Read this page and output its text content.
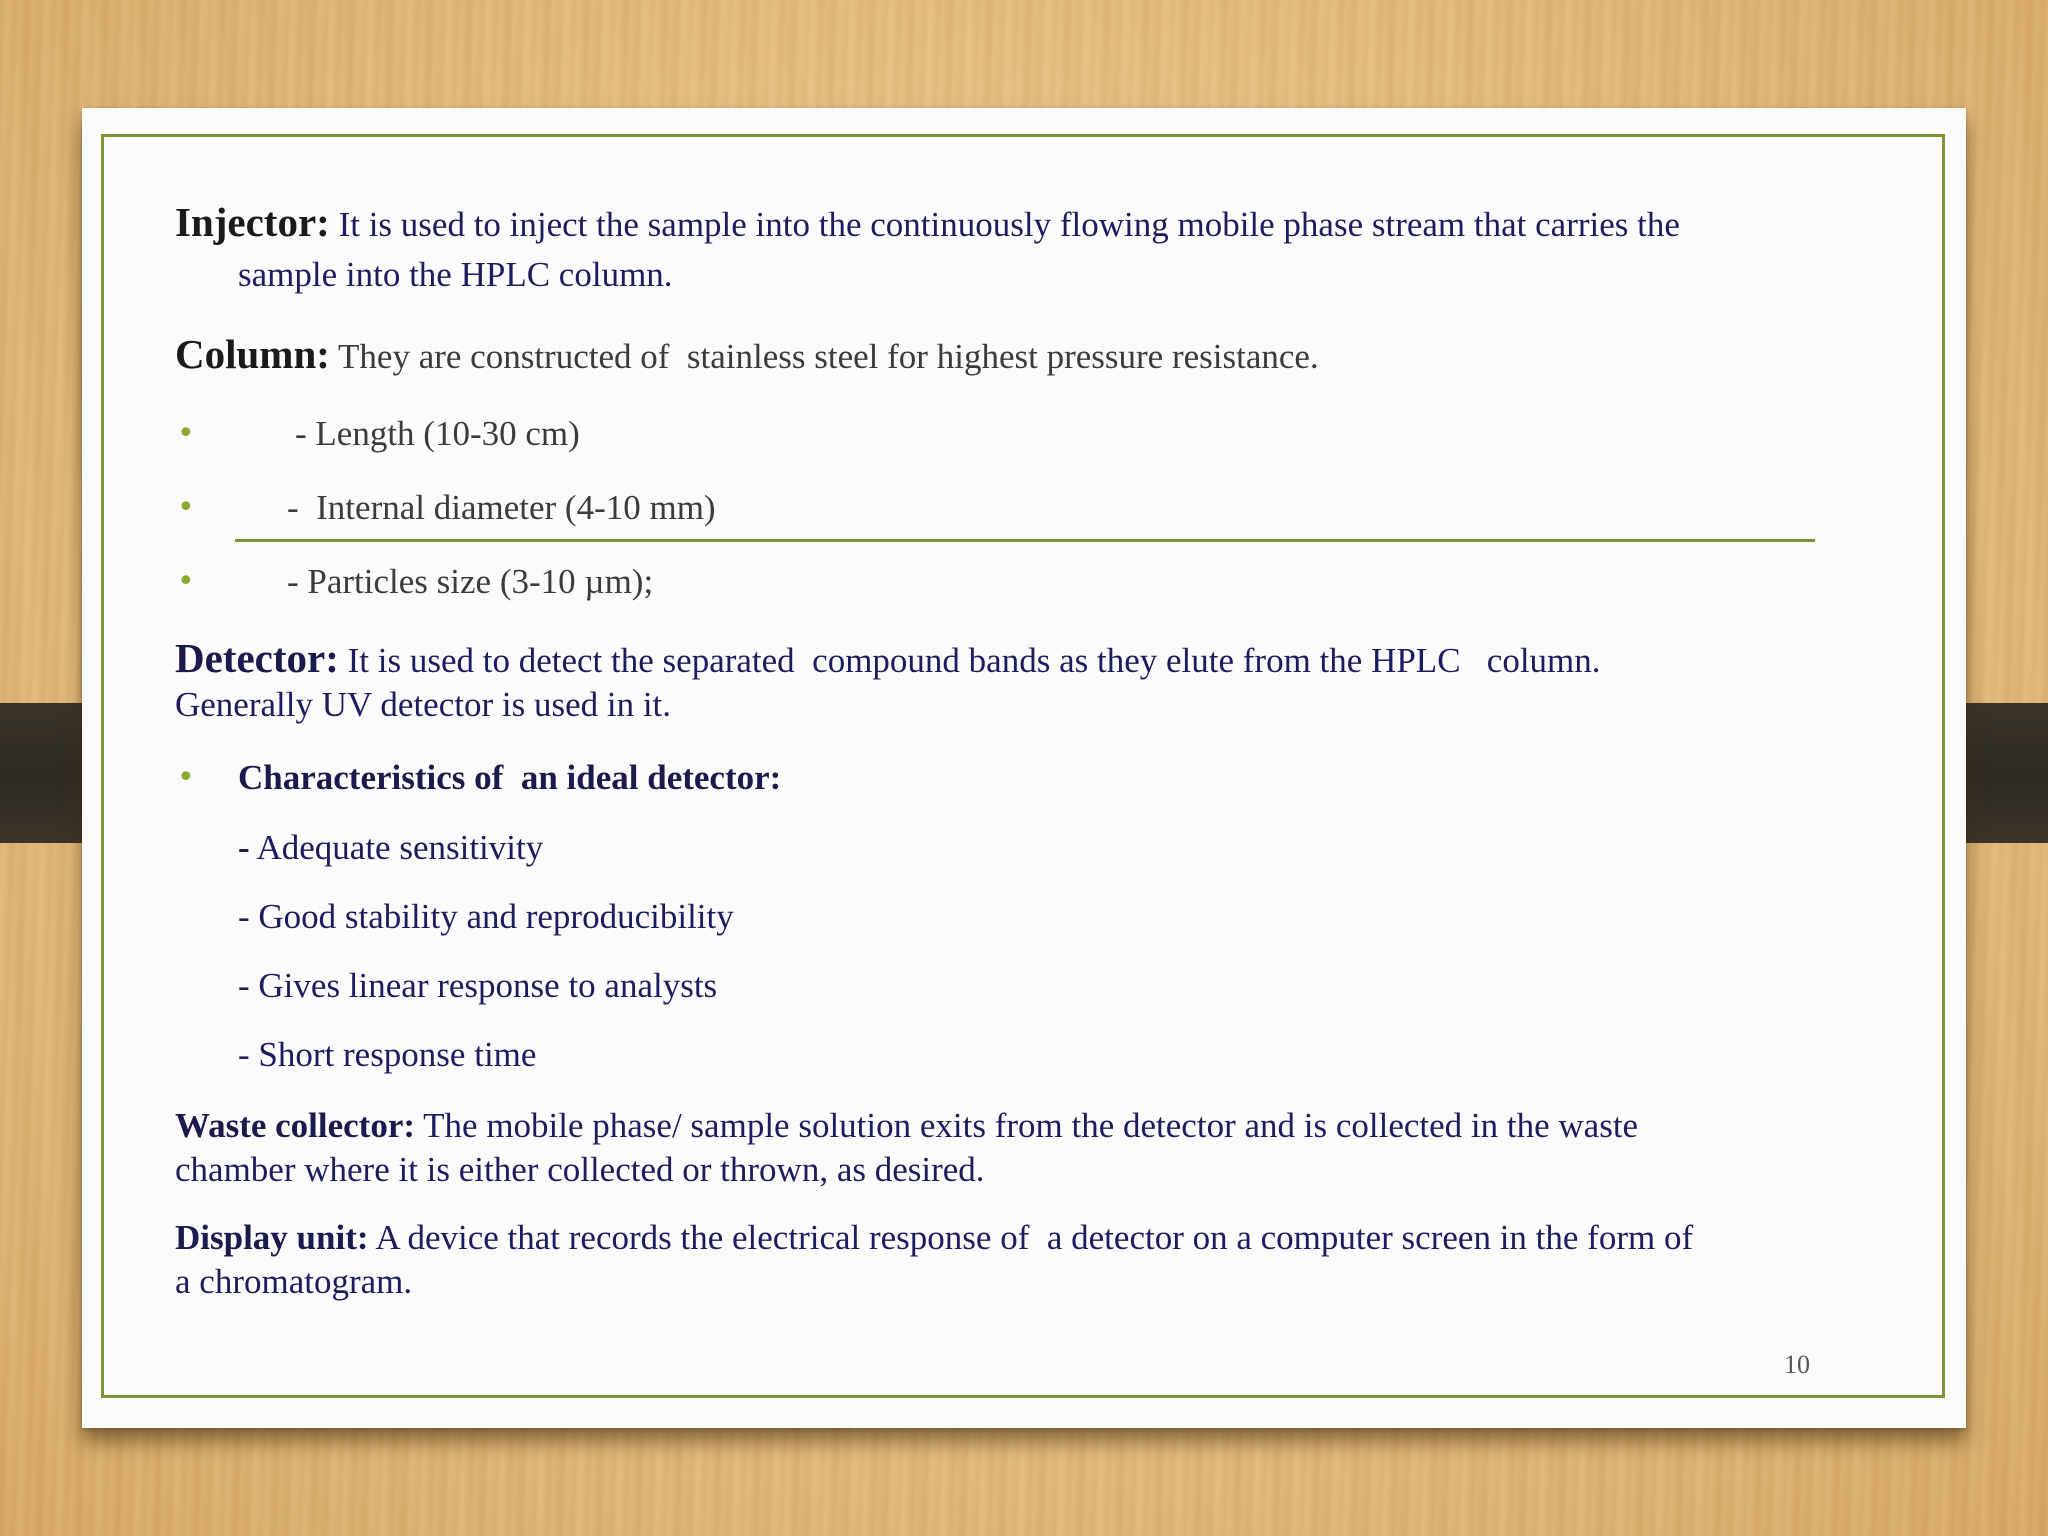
Injector: It is used to inject the sample into the continuously flowing mobile phase stream that carries the
sample into the HPLC column.
Column: They are constructed of  stainless steel for highest pressure resistance.
•	- Length (10-30 cm)
•	-  Internal diameter (4-10 mm)
•	- Particles size (3-10 µm);
Detector: It is used to detect the separated  compound bands as they elute from the HPLC   column.
Generally UV detector is used in it.
• Characteristics of  an ideal detector:
- Adequate sensitivity
- Good stability and reproducibility
- Gives linear response to analysts
- Short response time
Waste collector: The mobile phase/ sample solution exits from the detector and is collected in the waste
chamber where it is either collected or thrown, as desired.
Display unit: A device that records the electrical response of  a detector on a computer screen in the form of
a chromatogram.
10
